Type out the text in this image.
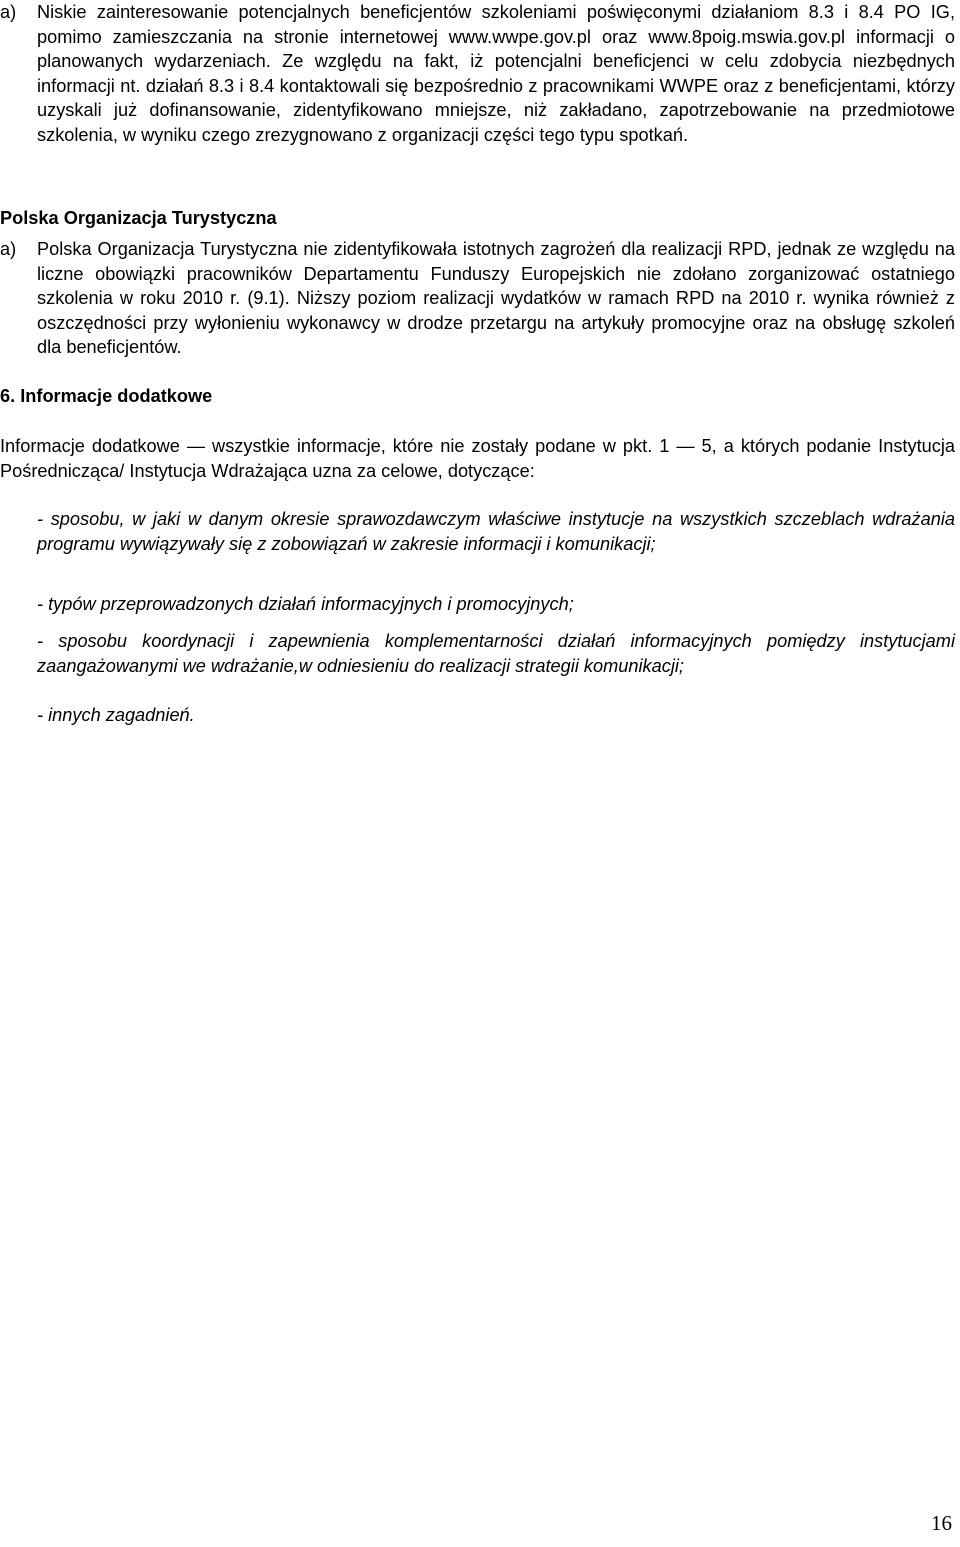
a) Niskie zainteresowanie potencjalnych beneficjentów szkoleniami poświęconymi działaniom 8.3 i 8.4 PO IG, pomimo zamieszczania na stronie internetowej www.wwpe.gov.pl oraz www.8poig.mswia.gov.pl informacji o planowanych wydarzeniach. Ze względu na fakt, iż potencjalni beneficjenci w celu zdobycia niezbędnych informacji nt. działań 8.3 i 8.4 kontaktowali się bezpośrednio z pracownikami WWPE oraz z beneficjentami, którzy uzyskali już dofinansowanie, zidentyfikowano mniejsze, niż zakładano, zapotrzebowanie na przedmiotowe szkolenia, w wyniku czego zrezygnowano z organizacji części tego typu spotkań.

Polska Organizacja Turystyczna

a) Polska Organizacja Turystyczna nie zidentyfikowała istotnych zagrożeń dla realizacji RPD, jednak ze względu na liczne obowiązki pracowników Departamentu Funduszy Europejskich nie zdołano zorganizować ostatniego szkolenia w roku 2010 r. (9.1). Niższy poziom realizacji wydatków w ramach RPD na 2010 r. wynika również z oszczędności przy wyłonieniu wykonawcy w drodze przetargu na artykuły promocyjne oraz na obsługę szkoleń dla beneficjentów.

6. Informacje dodatkowe

Informacje dodatkowe — wszystkie informacje, które nie zostały podane w pkt. 1 — 5, a których podanie Instytucja Pośrednicząca/ Instytucja Wdrażająca uzna za celowe, dotyczące:

- sposobu, w jaki w danym okresie sprawozdawczym właściwe instytucje na wszystkich szczeblach wdrażania programu wywiązywały się z zobowiązań w zakresie informacji i komunikacji;

- typów przeprowadzonych działań informacyjnych i promocyjnych;

- sposobu koordynacji i zapewnienia komplementarności działań informacyjnych pomiędzy instytucjami zaangażowanymi we wdrażanie,w odniesieniu do realizacji strategii komunikacji;

- innych zagadnień.

16
